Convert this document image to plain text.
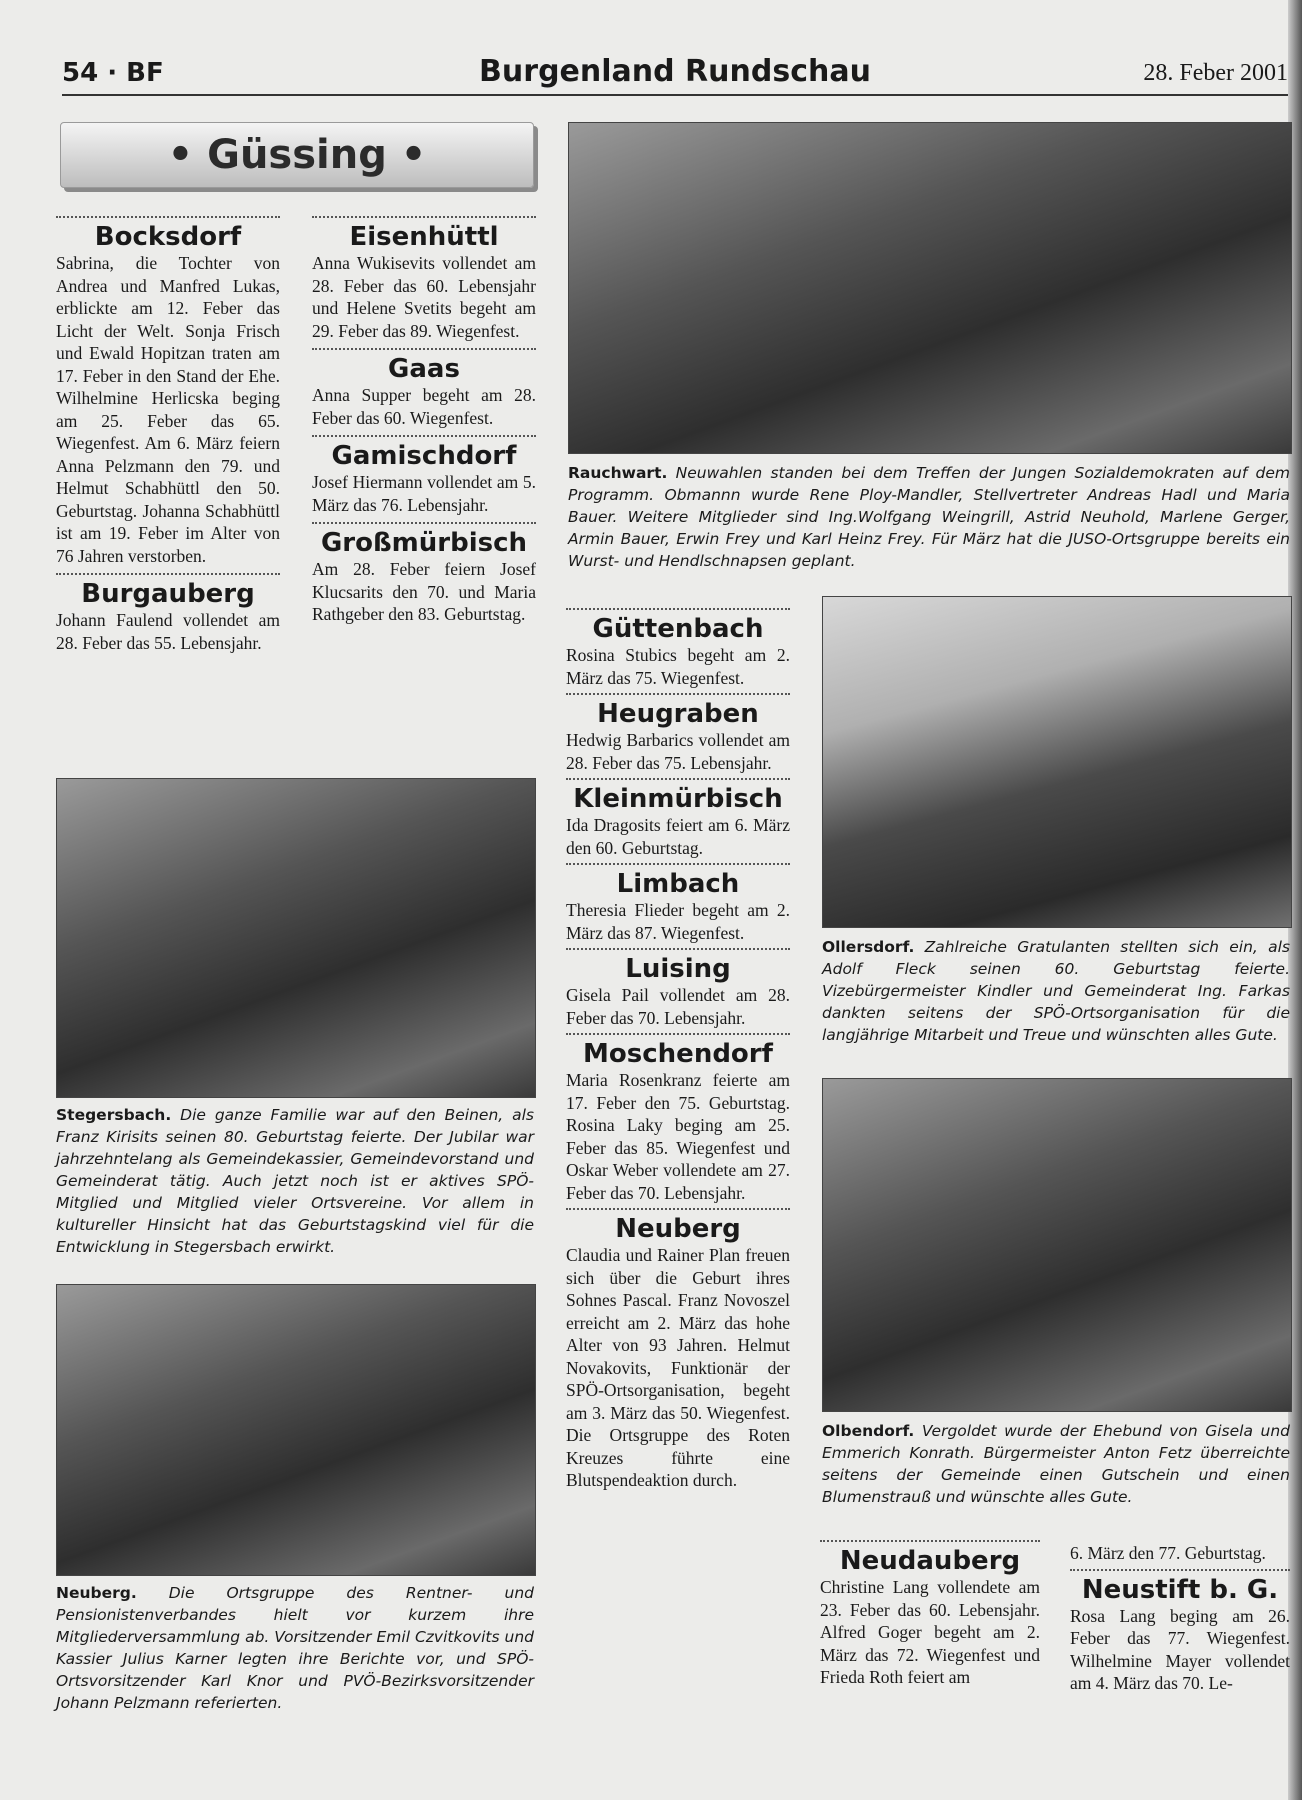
54 · BF	Burgenland Rundschau	28. Feber 2001
• Güssing •
Bocksdorf
Sabrina, die Tochter von Andrea und Manfred Lukas, erblickte am 12. Feber das Licht der Welt. Sonja Frisch und Ewald Hopitzan traten am 17. Feber in den Stand der Ehe. Wilhelmine Herlicska beging am 25. Feber das 65. Wiegenfest. Am 6. März feiern Anna Pelzmann den 79. und Helmut Schabhüttl den 50. Geburtstag. Johanna Schabhüttl ist am 19. Feber im Alter von 76 Jahren verstorben.
Burgauberg
Johann Faulend vollendet am 28. Feber das 55. Lebensjahr.
Eisenhüttl
Anna Wukisevits vollendet am 28. Feber das 60. Lebensjahr und Helene Svetits begeht am 29. Feber das 89. Wiegenfest.
Gaas
Anna Supper begeht am 28. Feber das 60. Wiegenfest.
Gamischdorf
Josef Hiermann vollendet am 5. März das 76. Lebensjahr.
Großmürbisch
Am 28. Feber feiern Josef Klucsarits den 70. und Maria Rathgeber den 83. Geburtstag.
Stegersbach. Die ganze Familie war auf den Beinen, als Franz Kirisits seinen 80. Geburtstag feierte. Der Jubilar war jahrzehntelang als Gemeindekassier, Gemeindevorstand und Gemeinderat tätig. Auch jetzt noch ist er aktives SPÖ-Mitglied und Mitglied vieler Ortsvereine. Vor allem in kultureller Hinsicht hat das Geburtstagskind viel für die Entwicklung in Stegersbach erwirkt.
Neuberg. Die Ortsgruppe des Rentner- und Pensionistenverbandes hielt vor kurzem ihre Mitgliederversammlung ab. Vorsitzender Emil Czvitkovits und Kassier Julius Karner legten ihre Berichte vor, und SPÖ-Ortsvorsitzender Karl Knor und PVÖ-Bezirksvorsitzender Johann Pelzmann referierten.
Rauchwart. Neuwahlen standen bei dem Treffen der Jungen Sozialdemokraten auf dem Programm. Obmannn wurde Rene Ploy-Mandler, Stellvertreter Andreas Hadl und Maria Bauer. Weitere Mitglieder sind Ing.Wolfgang Weingrill, Astrid Neuhold, Marlene Gerger, Armin Bauer, Erwin Frey und Karl Heinz Frey. Für März hat die JUSO-Ortsgruppe bereits ein Wurst- und Hendlschnapsen geplant.
Güttenbach
Rosina Stubics begeht am 2. März das 75. Wiegenfest.
Heugraben
Hedwig Barbarics vollendet am 28. Feber das 75. Lebensjahr.
Kleinmürbisch
Ida Dragosits feiert am 6. März den 60. Geburtstag.
Limbach
Theresia Flieder begeht am 2. März das 87. Wiegenfest.
Luising
Gisela Pail vollendet am 28. Feber das 70. Lebensjahr.
Moschendorf
Maria Rosenkranz feierte am 17. Feber den 75. Geburtstag. Rosina Laky beging am 25. Feber das 85. Wiegenfest und Oskar Weber vollendete am 27. Feber das 70. Lebensjahr.
Neuberg
Claudia und Rainer Plan freuen sich über die Geburt ihres Sohnes Pascal. Franz Novoszel erreicht am 2. März das hohe Alter von 93 Jahren. Helmut Novakovits, Funktionär der SPÖ-Ortsorganisation, begeht am 3. März das 50. Wiegenfest. Die Ortsgruppe des Roten Kreuzes führte eine Blutspendeaktion durch.
Ollersdorf. Zahlreiche Gratulanten stellten sich ein, als Adolf Fleck seinen 60. Geburtstag feierte. Vizebürgermeister Kindler und Gemeinderat Ing. Farkas dankten seitens der SPÖ-Ortsorganisation für die langjährige Mitarbeit und Treue und wünschten alles Gute.
Olbendorf. Vergoldet wurde der Ehebund von Gisela und Emmerich Konrath. Bürgermeister Anton Fetz überreichte seitens der Gemeinde einen Gutschein und einen Blumenstrauß und wünschte alles Gute.
Neudauberg
Christine Lang vollendete am 23. Feber das 60. Lebensjahr. Alfred Goger begeht am 2. März das 72. Wiegenfest und Frieda Roth feiert am
6. März den 77. Geburtstag.
Neustift b. G.
Rosa Lang beging am 26. Feber das 77. Wiegenfest. Wilhelmine Mayer vollendet am 4. März das 70. Le-
